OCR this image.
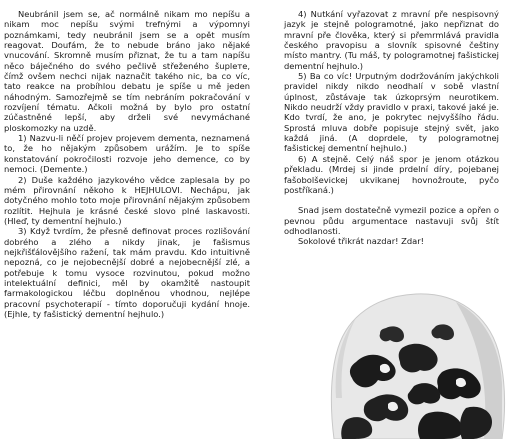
Neubránil jsem se, ač normálně nikam mo nepíšu a nikam moc nepíšu svými trefnými a výpomnyi poznámkami, tedy neubránil jsem se a opět musím reagovat. Doufám, že to nebude bráno jako nějaké vnucování. Skromně musím přiznat, že tu a tam napíšu něco báječného do svého pečlivě střeženého šupleте, čímž ovšem nechci nijak naznačit takého nic, ba co víc, tato reakce na probíhlou debatu je spíše u mě jeden náhodným. Samozřejmě se tím nebráním pokračování v rozvíjení tématu. Ačkoli možná by bylo pro ostatní zúčastněné lepší, aby drželi své nevymáchané ploskomozky na uzdě.

1) Nazvu-li něčí projev projevem dementa, neznamená to, že ho nějakým způsobem urážím. Je to spíše konstatování pokročilosti rozvoje jeho demence, co by nemoci. (Demente.)

2) Duše každého jazykového vědce zaplesala by po mém přirovnání někoho k HEJHULOVI. Nechápu, jak dotyčného mohlo toto moje přirovnání nějakým způsobem rozlítit. Hejhula je krásné české slovo plné laskavosti. (Hleď, ty dementní hejhulo.)

3) Když tvrdím, že přesně definovat proces rozlišování dobrého a zlého a nikdy jinak, je fašismus nejkřišťálovějšího ražení, tak mám pravdu. Kdo intuitivně nepozná, co je nejobecnější dobré a nejobecnější zlé, a potřebuje k tomu vysoce rozvinutou, pokud možno intelektuální definici, měl by okamžitě nastoupit farmakologickou léčbu doplněnou vhodnou, nejlépe pracovní psychoterapií - tímto doporučuji kydání hnoje. (Ejhle, ty fašistický dementní hejhulo.)

4) Nutkání vyřazovat z mravní pře nespisovný jazyk je stejně pologramotné, jako nepřiznat do mravní pře člověka, který si přemrmlává pravidla českého pravopisu a slovník spisovné češtiny místo mantry. (Tu máš, ty pologramotnej fašistickej dementní hejhulo.)

5) Ba co víc! Urputným dodržováním jakýchkoli pravidel nikdy nikdo neodhalí v sobě vlastní úplnost, zůstávaje tak úzkoprsým neurotikem. Nikdo neudrží vždy pravidlo v praxi, takové jaké je. Kdo tvrdí, že ano, je pokrytec nejvyššího řádu. Sprostá mluva dobře popisuje stejný svět, jako každá jiná. (A doprdele, ty pologramotnej fašistickej dementní hejhulo.)

6) A stejně. Celý náš spor je jenom otázkou překladu. (Mrdej si jinde prdelní díry, pojebanej fašobolševickej ukvikanej hovnožroute, pyčo postříkaná.)

Snad jsem dostatečně vymezil pozice a opřen o pevnou půdu argumentace nastavuji svůj štít odhodlanosti.

Sokolové třikrát nazdar! Zdar!
